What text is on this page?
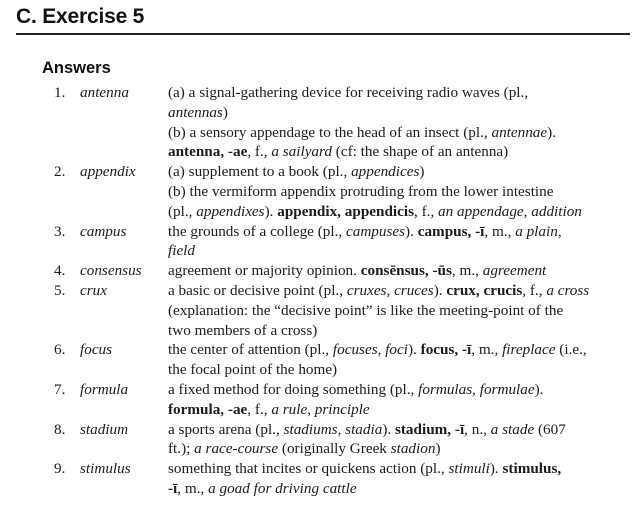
C. Exercise 5
Answers
1. antenna	(a) a signal-gathering device for receiving radio waves (pl.,
antennas)
(b) a sensory appendage to the head of an insect (pl., antennae).
antenna, -ae, f., a sailyard (cf: the shape of an antenna)
2. appendix	(a) supplement to a book (pl., appendices)
(b) the vermiform appendix protruding from the lower intestine
(pl., appendixes). appendix, appendicis, f., an appendage, addition
3. campus	the grounds of a college (pl., campuses). campus, -ī, m., a plain,
field
4. consensus	agreement or majority opinion. consēnsus, -ūs, m., agreement
5. crux	a basic or decisive point (pl., cruxes, cruces). crux, crucis, f., a cross
(explanation: the “decisive point” is like the meeting-point of the
two members of a cross)
6. focus	the center of attention (pl., focuses, foci). focus, -ī, m., fireplace (i.e.,
the focal point of the home)
7. formula	a fixed method for doing something (pl., formulas, formulae).
formula, -ae, f., a rule, principle
8. stadium	a sports arena (pl., stadiums, stadia). stadium, -ī, n., a stade (607
ft.); a race-course (originally Greek stadion)
9. stimulus	something that incites or quickens action (pl., stimuli). stimulus,
-ī, m., a goad for driving cattle
